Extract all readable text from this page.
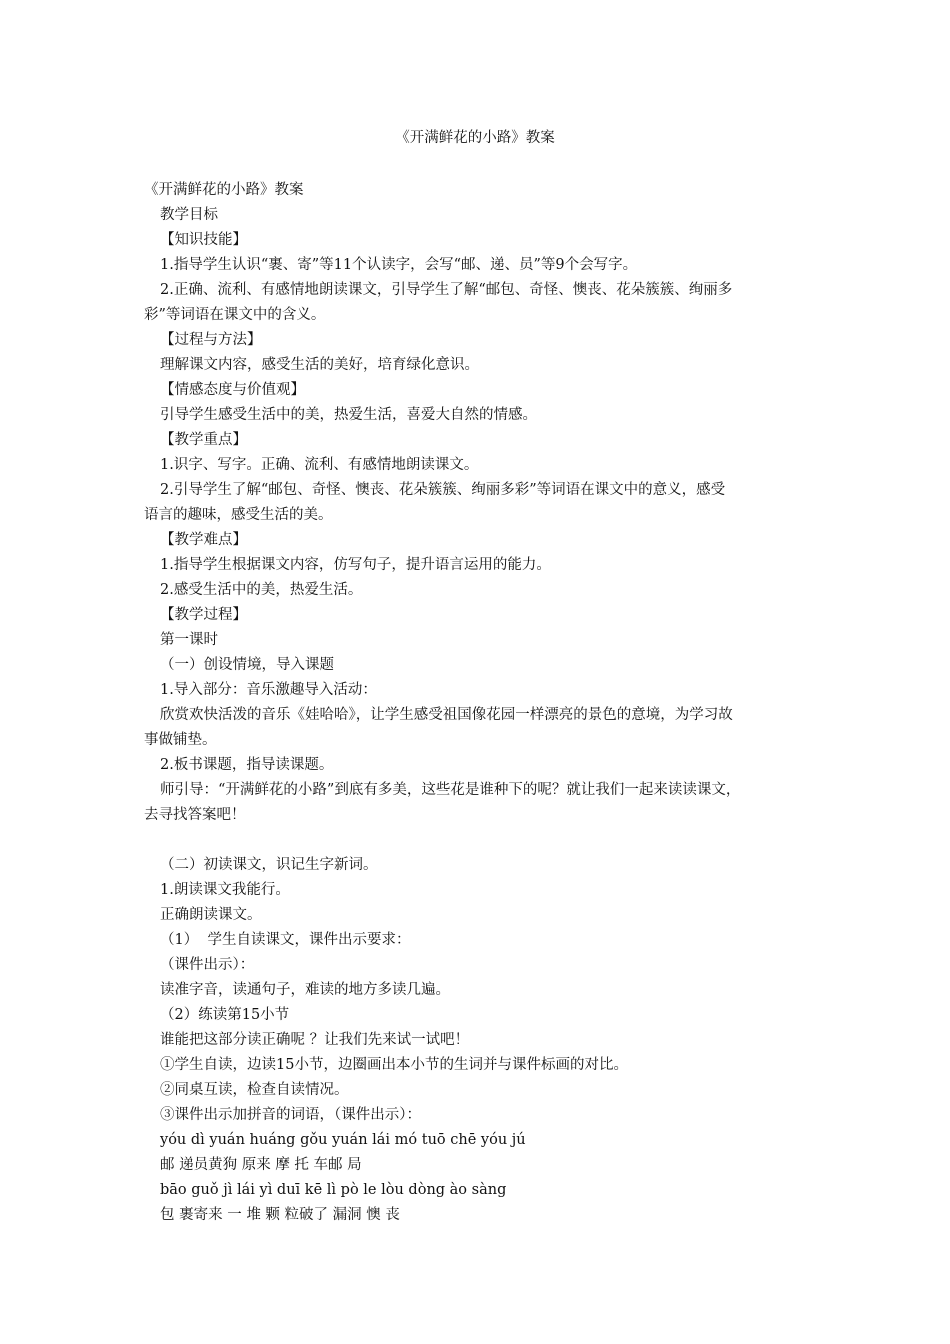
《开满鲜花的小路》教案
《开满鲜花的小路》教案
教学目标
【知识技能】
1.指导学生认识“裹、寄”等11个认读字，会写“邮、递、员”等9个会写字。
2.正确、流利、有感情地朗读课文，引导学生了解“邮包、奇怪、懊丧、花朵簇簇、绚丽多
彩”等词语在课文中的含义。
【过程与方法】
理解课文内容，感受生活的美好，培育绿化意识。
【情感态度与价值观】
引导学生感受生活中的美，热爱生活，喜爱大自然的情感。
【教学重点】
1.识字、写字。正确、流利、有感情地朗读课文。
2.引导学生了解“邮包、奇怪、懊丧、花朵簇簇、绚丽多彩”等词语在课文中的意义，感受
语言的趣味，感受生活的美。
【教学难点】
1.指导学生根据课文内容，仿写句子，提升语言运用的能力。
2.感受生活中的美，热爱生活。
【教学过程】
第一课时
（一）创设情境，导入课题
1.导入部分：音乐激趣导入活动：
欣赏欢快活泼的音乐《娃哈哈》，让学生感受祖国像花园一样漂亮的景色的意境，为学习故
事做铺垫。
2.板书课题，指导读课题。
师引导：“开满鲜花的小路”到底有多美，这些花是谁种下的呢？就让我们一起来读读课文，
去寻找答案吧！
（二）初读课文，识记生字新词。
1.朗读课文我能行。
正确朗读课文。
（1）  学生自读课文，课件出示要求：
（课件出示）：
读准字音，读通句子，难读的地方多读几遍。
（2）练读第15小节
谁能把这部分读正确呢 ？让我们先来试一试吧！
①学生自读，边读15小节，边圈画出本小节的生词并与课件标画的对比。
②同桌互读，检查自读情况。
③课件出示加拼音的词语，（课件出示）：
yóu dì yuán huáng gǒu yuán lái mó tuō chē yóu jú
邮 递员黄狗 原来 摩 托 车邮 局
bāo guǒ jì lái yì duī kē lì pò le lòu dòng ào sàng
包 裹寄来 一 堆 颗 粒破了 漏洞 懊 丧
